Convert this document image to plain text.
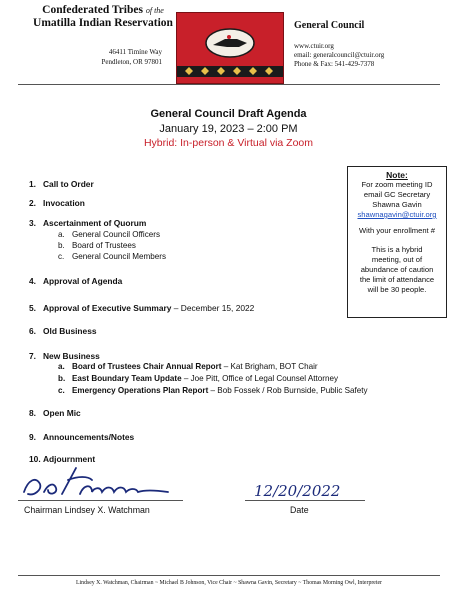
Confederated Tribes of the
Umatilla Indian Reservation
46411 Timíne Way
Pendleton, OR 97801
General Council
www.ctuir.org
email: generalcouncil@ctuir.org
Phone & Fax: 541-429-7378
General Council Draft Agenda
January 19, 2023 – 2:00 PM
Hybrid: In-person & Virtual via Zoom
Note:
For zoom meeting ID
email GC Secretary
Shawna Gavin
shawnagavin@ctuir.org
With your enrollment #
This is a hybrid
meeting, out of
abundance of caution
the limit of attendance
will be 30 people.
1. Call to Order
2. Invocation
3. Ascertainment of Quorum
a. General Council Officers
b. Board of Trustees
c. General Council Members
4. Approval of Agenda
5. Approval of Executive Summary – December 15, 2022
6. Old Business
7. New Business
a. Board of Trustees Chair Annual Report – Kat Brigham, BOT Chair
b. East Boundary Team Update – Joe Pitt, Office of Legal Counsel Attorney
c. Emergency Operations Plan Report – Bob Fossek / Rob Burnside, Public Safety
8. Open Mic
9. Announcements/Notes
10. Adjournment
Chairman Lindsey X. Watchman
12/20/2022
Date
Lindsey X. Watchman, Chairman ~ Michael B Johnson, Vice Chair ~ Shawna Gavin, Secretary ~ Thomas Morning Owl, Interpreter
